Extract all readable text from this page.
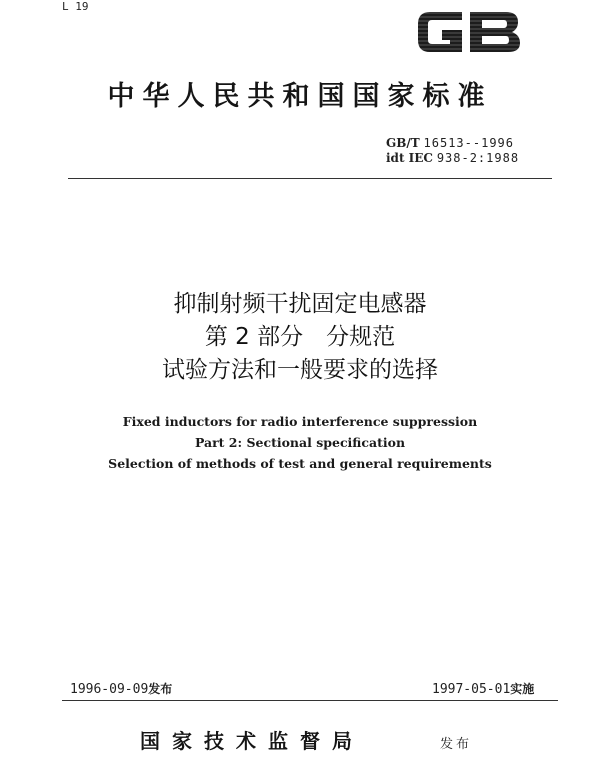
L 19
中华人民共和国国家标准
GB/T 16513--1996
idt IEC 938-2:1988
抑制射频干扰固定电感器
第 2 部分　分规范
试验方法和一般要求的选择
Fixed inductors for radio interference suppression
Part 2: Sectional specification
Selection of methods of test and general requirements
1996-09-09发布	1997-05-01实施
国家技术监督局	发布
